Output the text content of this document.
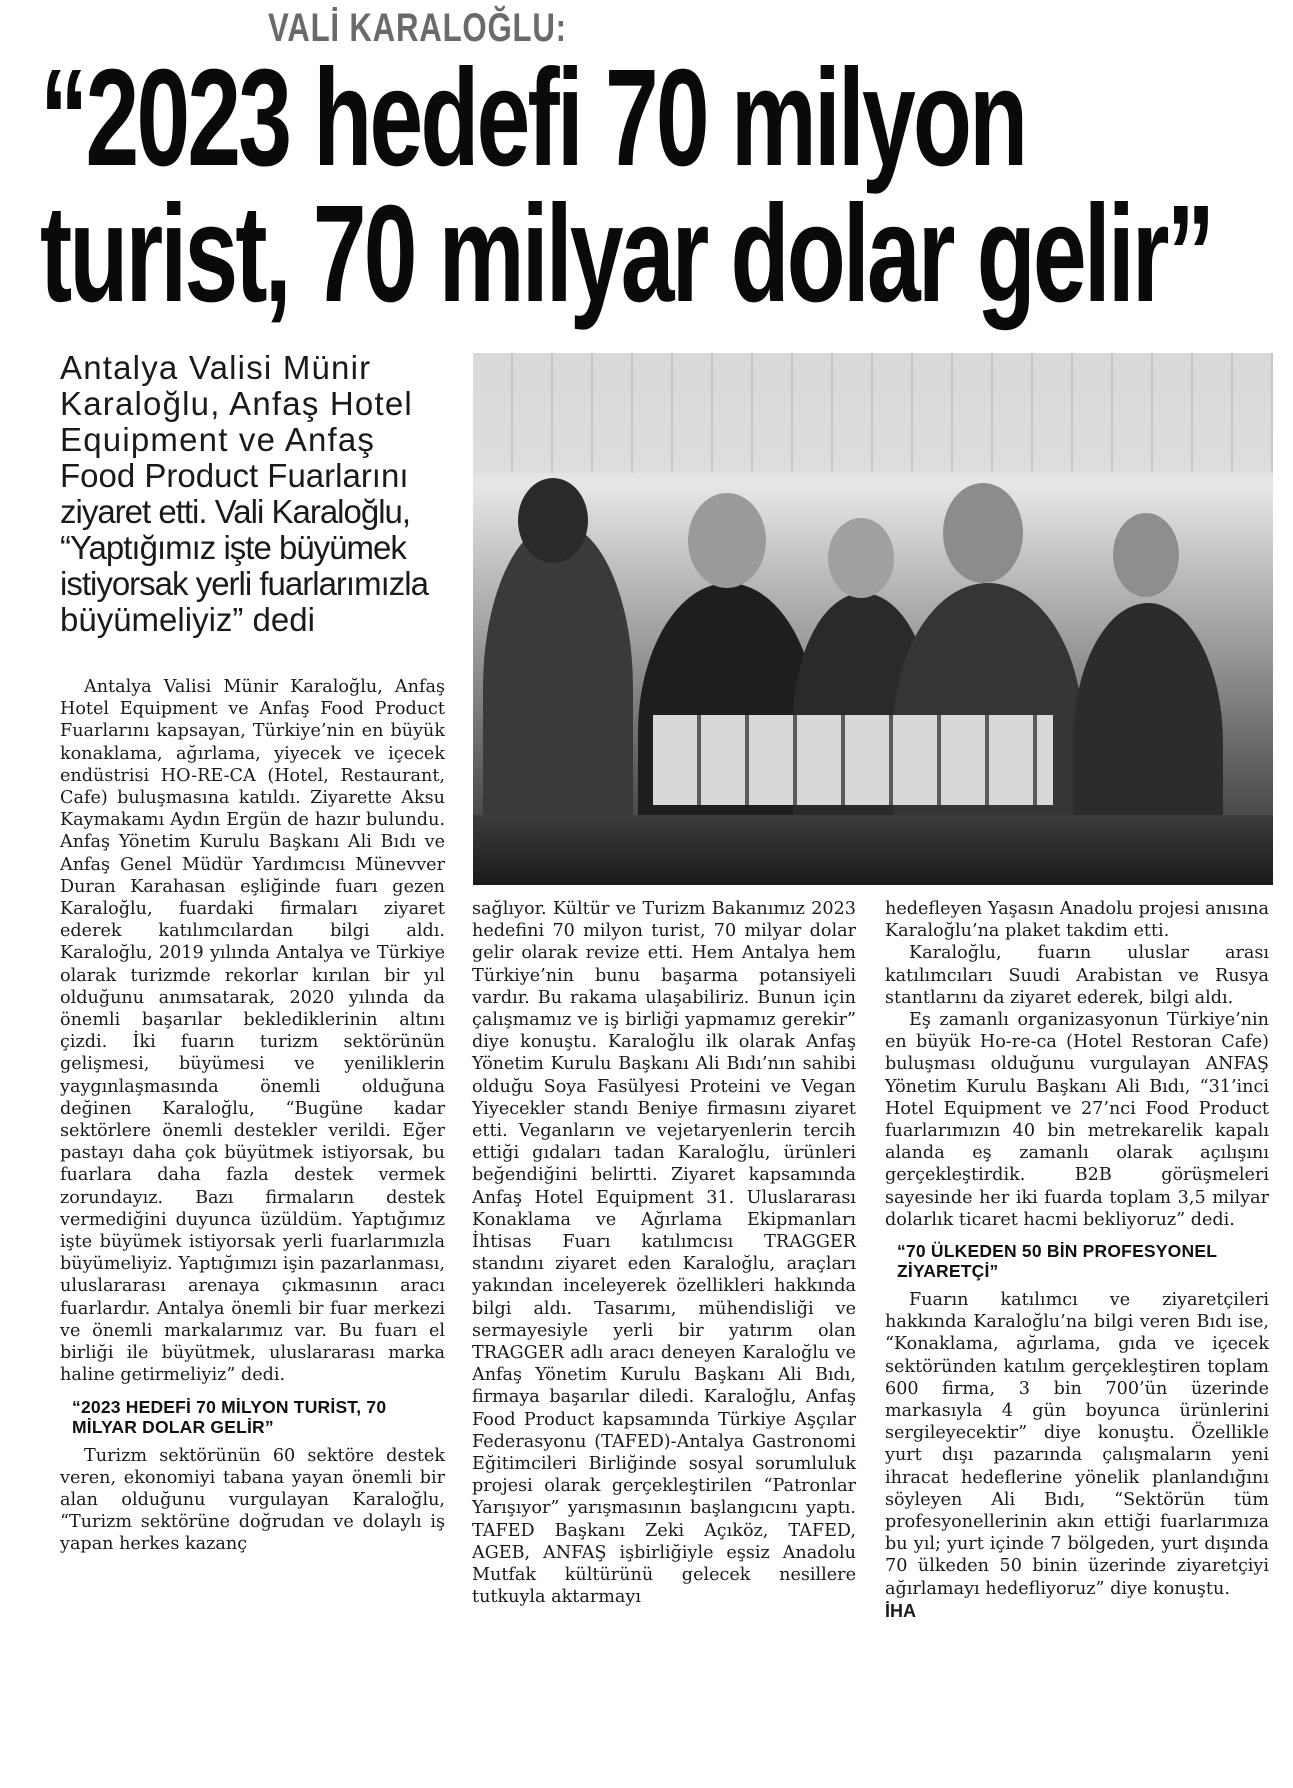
VALİ KARALOĞLU:
“2023 hedefi 70 milyon
turist, 70 milyar dolar gelir”

Antalya Valisi Münir

Karaloğlu, Anfaş Hotel

Equipment ve Anfaş

Food Product Fuarlarını

ziyaret etti. Vali Karaloğlu,

“Yaptığımız işte büyümek

istiyorsak yerli fuarlarımızla

büyümeliyiz” dedi

Antalya Valisi Münir Karaloğlu, Anfaş Hotel Equipment ve Anfaş Food Product Fuarlarını kapsayan, Türkiye’nin en büyük konaklama, ağırlama, yiyecek ve içecek endüstrisi HO-RE-CA (Hotel, Restaurant, Cafe) buluşmasına katıldı. Ziyarette Aksu Kaymakamı Aydın Ergün de hazır bulundu. Anfaş Yönetim Kurulu Başkanı Ali Bıdı ve Anfaş Genel Müdür Yardımcısı Münevver Duran Karahasan eşliğinde fuarı gezen Karaloğlu, fuardaki firmaları ziyaret ederek katılımcılardan bilgi aldı. Karaloğlu, 2019 yılında Antalya ve Türkiye olarak turizmde rekorlar kırılan bir yıl olduğunu anımsatarak, 2020 yılında da önemli başarılar beklediklerinin altını çizdi. İki fuarın turizm sektörünün gelişmesi, büyümesi ve yeniliklerin yaygınlaşmasında önemli olduğuna değinen Karaloğlu, “Bugüne kadar sektörlere önemli destekler verildi. Eğer pastayı daha çok büyütmek istiyorsak, bu fuarlara daha fazla destek vermek zorundayız. Bazı firmaların destek vermediğini duyunca üzüldüm. Yaptığımız işte büyümek istiyorsak yerli fuarlarımızla büyümeliyiz. Yaptığımızı işin pazarlanması, uluslararası arenaya çıkmasının aracı fuarlardır. Antalya önemli bir fuar merkezi ve önemli markalarımız var. Bu fuarı el birliği ile büyütmek, uluslararası marka haline getirmeliyiz” dedi.

“2023 HEDEFİ 70 MİLYON TURİST, 70 MİLYAR DOLAR GELİR”

Turizm sektörünün 60 sektöre destek veren, ekonomiyi tabana yayan önemli bir alan olduğunu vurgulayan Karaloğlu, “Turizm sektörüne doğrudan ve dolaylı iş yapan herkes kazanç

sağlıyor. Kültür ve Turizm Bakanımız 2023 hedefini 70 milyon turist, 70 milyar dolar gelir olarak revize etti. Hem Antalya hem Türkiye’nin bunu başarma potansiyeli vardır. Bu rakama ulaşabiliriz. Bunun için çalışmamız ve iş birliği yapmamız gerekir” diye konuştu. Karaloğlu ilk olarak Anfaş Yönetim Kurulu Başkanı Ali Bıdı’nın sahibi olduğu Soya Fasülyesi Proteini ve Vegan Yiyecekler standı Beniye firmasını ziyaret etti. Veganların ve vejetaryenlerin tercih ettiği gıdaları tadan Karaloğlu, ürünleri beğendiğini belirtti. Ziyaret kapsamında Anfaş Hotel Equipment 31. Uluslararası Konaklama ve Ağırlama Ekipmanları İhtisas Fuarı katılımcısı TRAGGER standını ziyaret eden Karaloğlu, araçları yakından inceleyerek özellikleri hakkında bilgi aldı. Tasarımı, mühendisliği ve sermayesiyle yerli bir yatırım olan TRAGGER adlı aracı deneyen Karaloğlu ve Anfaş Yönetim Kurulu Başkanı Ali Bıdı, firmaya başarılar diledi. Karaloğlu, Anfaş Food Product kapsamında Türkiye Aşçılar Federasyonu (TAFED)-Antalya Gastronomi Eğitimcileri Birliğinde sosyal sorumluluk projesi olarak gerçekleştirilen “Patronlar Yarışıyor” yarışmasının başlangıcını yaptı. TAFED Başkanı Zeki Açıköz, TAFED, AGEB, ANFAŞ işbirliğiyle eşsiz Anadolu Mutfak kültürünü gelecek nesillere tutkuyla aktarmayı

hedefleyen Yaşasın Anadolu projesi anısına Karaloğlu’na plaket takdim etti.

Karaloğlu, fuarın uluslar arası katılımcıları Suudi Arabistan ve Rusya stantlarını da ziyaret ederek, bilgi aldı.

Eş zamanlı organizasyonun Türkiye’nin en büyük Ho-re-ca (Hotel Restoran Cafe) buluşması olduğunu vurgulayan ANFAŞ Yönetim Kurulu Başkanı Ali Bıdı, “31’inci Hotel Equipment ve 27’nci Food Product fuarlarımızın 40 bin metrekarelik kapalı alanda eş zamanlı olarak açılışını gerçekleştirdik. B2B görüşmeleri sayesinde her iki fuarda toplam 3,5 milyar dolarlık ticaret hacmi bekliyoruz” dedi.

“70 ÜLKEDEN 50 BİN PROFESYONEL ZİYARETÇİ”

Fuarın katılımcı ve ziyaretçileri hakkında Karaloğlu’na bilgi veren Bıdı ise, “Konaklama, ağırlama, gıda ve içecek sektöründen katılım gerçekleştiren toplam 600 firma, 3 bin 700’ün üzerinde markasıyla 4 gün boyunca ürünlerini sergileyecektir” diye konuştu. Özellikle yurt dışı pazarında çalışmaların yeni ihracat hedeflerine yönelik planlandığını söyleyen Ali Bıdı, “Sektörün tüm profesyonellerinin akın ettiği fuarlarımıza bu yıl; yurt içinde 7 bölgeden, yurt dışında 70 ülkeden 50 binin üzerinde ziyaretçiyi ağırlamayı hedefliyoruz” diye konuştu.

İHA
